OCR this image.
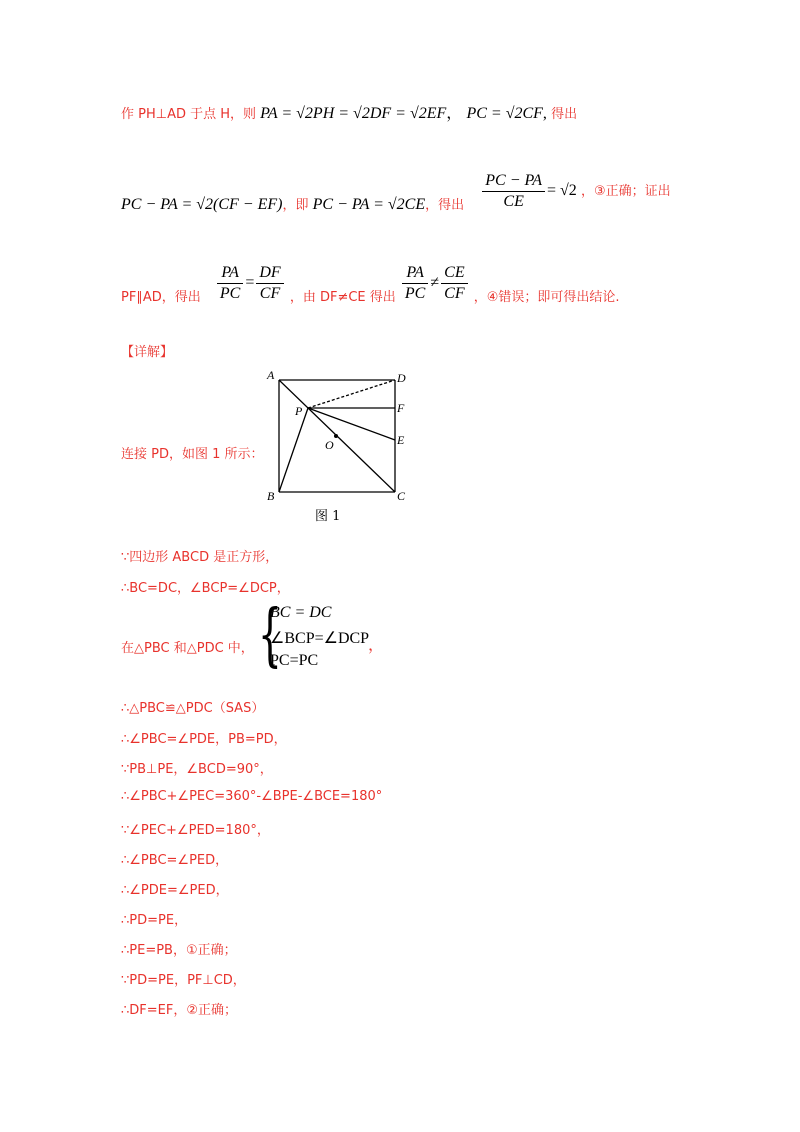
作 PH⊥AD 于点 H，则 PA = √2PH = √2DF = √2EF， PC = √2CF, 得出
PC − PA = √2(CF − EF)，即 PC − PA = √2CE，得出 $\frac{PC - PA}{CE} = √2$ ，③正确；证出
PF∥AD，得出 $\frac{PA}{PC} = \frac{DF}{CF}$ ，由 DF≠CE 得出 $\frac{PA}{PC} \ne \frac{CE}{CF}$ ，④错误；即可得出结论.
【详解】
连接 PD，如图 1 所示：
A	D
P	F
O	E
B	C
图 1
∵四边形 ABCD 是正方形，
∴BC=DC，∠BCP=∠DCP，
在△PBC 和△PDC 中， {
BC = DC
∠BCP=∠DCP
PC=PC
，
∴△PBC≌△PDC（SAS）
∴∠PBC=∠PDE，PB=PD，
∵PB⊥PE，∠BCD=90°，
∴∠PBC+∠PEC=360°-∠BPE-∠BCE=180°
∵∠PEC+∠PED=180°，
∴∠PBC=∠PED，
∴∠PDE=∠PED，
∴PD=PE，
∴PE=PB，①正确；
∵PD=PE，PF⊥CD，
∴DF=EF，②正确；
